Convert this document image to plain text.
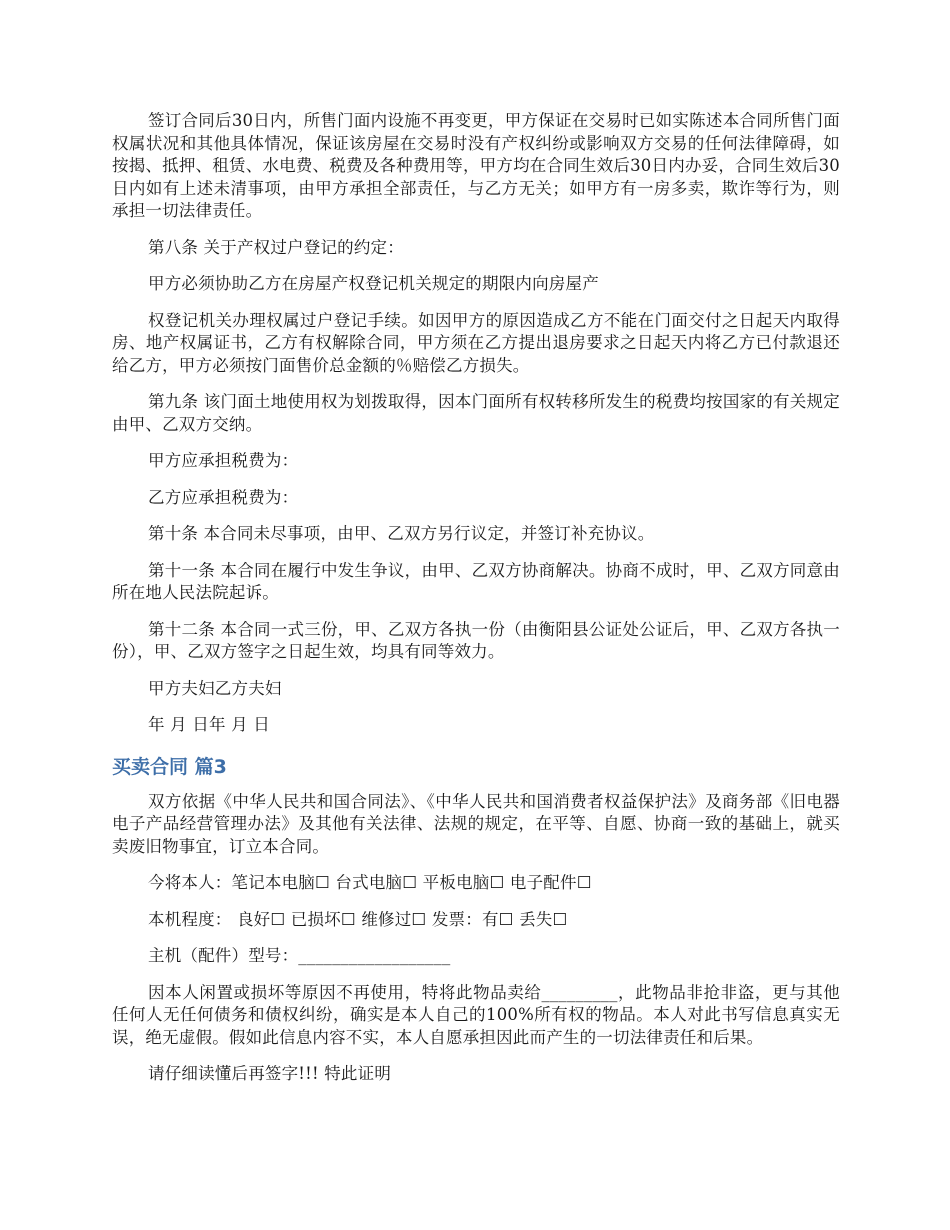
签订合同后30日内，所售门面内设施不再变更，甲方保证在交易时已如实陈述本合同所售门面权属状况和其他具体情况，保证该房屋在交易时没有产权纠纷或影响双方交易的任何法律障碍，如按揭、抵押、租赁、水电费、税费及各种费用等，甲方均在合同生效后30日内办妥，合同生效后30日内如有上述未清事项，由甲方承担全部责任，与乙方无关；如甲方有一房多卖，欺诈等行为，则承担一切法律责任。

第八条 关于产权过户登记的约定：

甲方必须协助乙方在房屋产权登记机关规定的期限内向房屋产

权登记机关办理权属过户登记手续。如因甲方的原因造成乙方不能在门面交付之日起天内取得房、地产权属证书，乙方有权解除合同，甲方须在乙方提出退房要求之日起天内将乙方已付款退还给乙方，甲方必须按门面售价总金额的％赔偿乙方损失。

第九条 该门面土地使用权为划拨取得，因本门面所有权转移所发生的税费均按国家的有关规定由甲、乙双方交纳。

甲方应承担税费为：

乙方应承担税费为：

第十条 本合同未尽事项，由甲、乙双方另行议定，并签订补充协议。

第十一条 本合同在履行中发生争议，由甲、乙双方协商解决。协商不成时，甲、乙双方同意由所在地人民法院起诉。

第十二条 本合同一式三份，甲、乙双方各执一份（由衡阳县公证处公证后，甲、乙双方各执一份），甲、乙双方签字之日起生效，均具有同等效力。

甲方夫妇乙方夫妇

年 月 日年 月 日

买卖合同 篇3

双方依据《中华人民共和国合同法》、《中华人民共和国消费者权益保护法》及商务部《旧电器电子产品经营管理办法》及其他有关法律、法规的规定，在平等、自愿、协商一致的基础上，就买卖废旧物事宜，订立本合同。

今将本人：笔记本电脑☐ 台式电脑☐ 平板电脑☐ 电子配件☐

本机程度： 良好☐ 已损坏☐ 维修过☐ 发票：有☐ 丢失☐

主机（配件）型号：__________________

因本人闲置或损坏等原因不再使用，特将此物品卖给_________，此物品非抢非盗，更与其他任何人无任何债务和债权纠纷，确实是本人自己的100%所有权的物品。本人对此书写信息真实无误，绝无虚假。假如此信息内容不实，本人自愿承担因此而产生的一切法律责任和后果。

请仔细读懂后再签字!!! 特此证明
